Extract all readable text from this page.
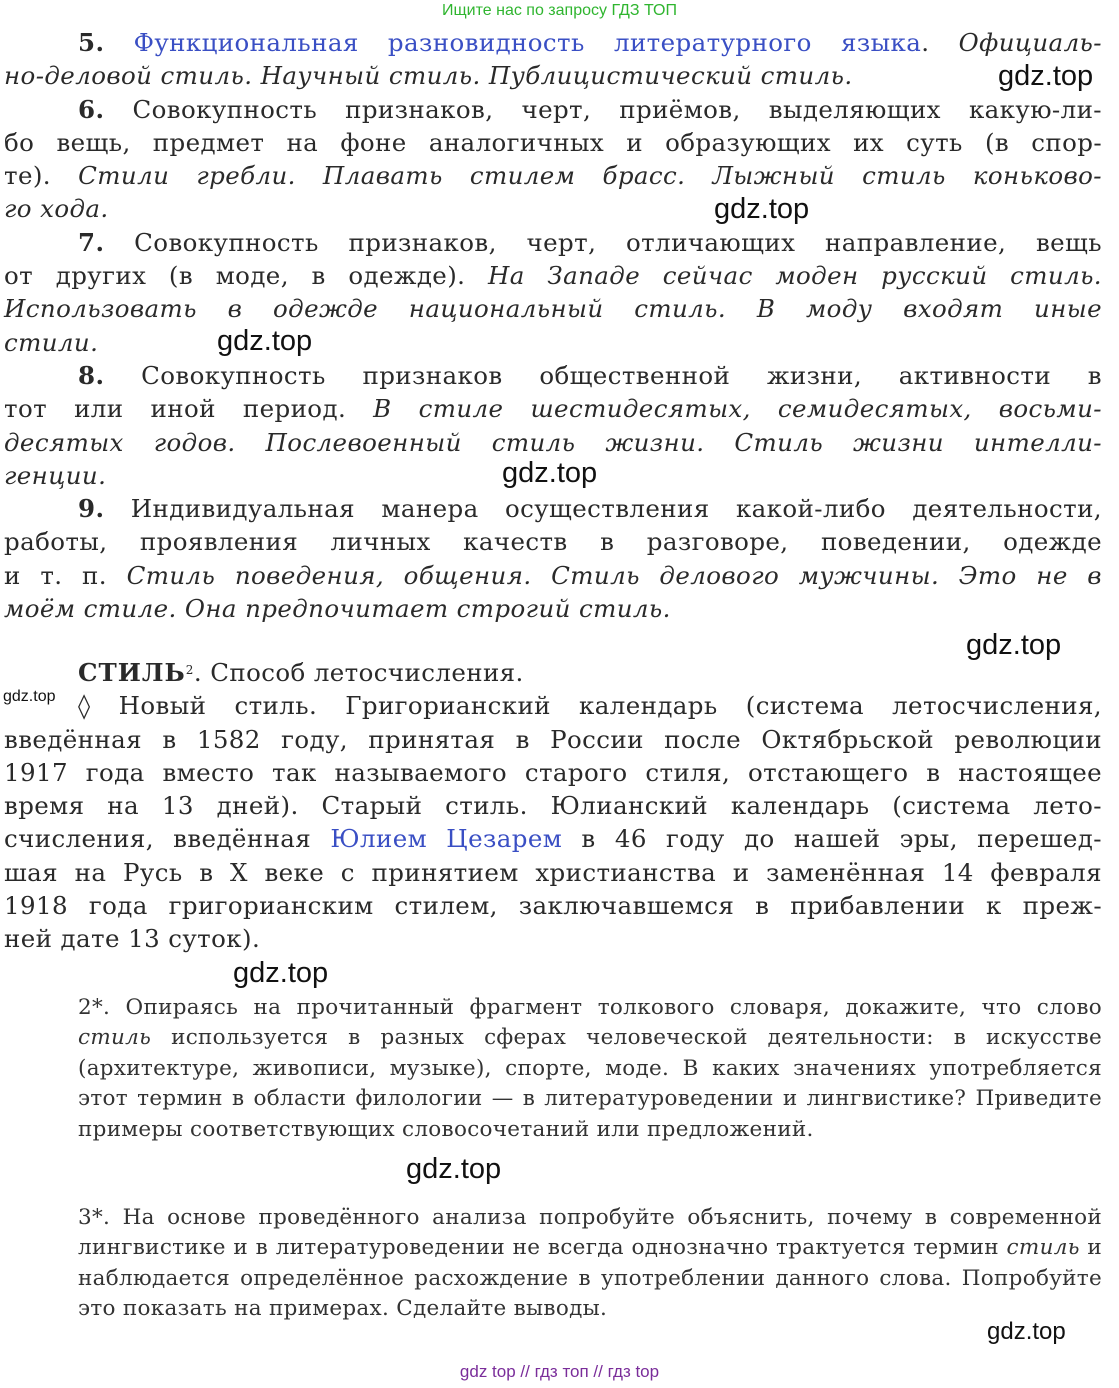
Ищите нас по запросу ГДЗ ТОП
5. Функциональная разновидность литературного языка. Официаль-
но-деловой стиль. Научный стиль. Публицистический стиль.
6. Совокупность признаков, черт, приёмов, выделяющих какую-ли-
бо вещь, предмет на фоне аналогичных и образующих их суть (в спор-
те). Стили гребли. Плавать стилем брасс. Лыжный стиль коньково-
го хода.
7. Совокупность признаков, черт, отличающих направление, вещь
от других (в моде, в одежде). На Западе сейчас моден русский стиль.
Использовать в одежде национальный стиль. В моду входят иные
стили.
8. Совокупность признаков общественной жизни, активности в
тот или иной период. В стиле шестидесятых, семидесятых, восьми-
десятых годов. Послевоенный стиль жизни. Стиль жизни интелли-
генции.
9. Индивидуальная манера осуществления какой-либо деятельности,
работы, проявления личных качеств в разговоре, поведении, одежде
и т. п. Стиль поведения, общения. Стиль делового мужчины. Это не в
моём стиле. Она предпочитает строгий стиль.
СТИЛЬ$^2$. Способ летосчисления.
◊ Новый стиль. Григорианский календарь (система летосчисления,
введённая в 1582 году, принятая в России после Октябрьской революции
1917 года вместо так называемого старого стиля, отстающего в настоящее
время на 13 дней). Старый стиль. Юлианский календарь (система лето-
счисления, введённая Юлием Цезарем в 46 году до нашей эры, перешед-
шая на Русь в X веке с принятием христианства и заменённая 14 февраля
1918 года григорианским стилем, заключавшемся в прибавлении к преж-
ней дате 13 суток).
2*. Опираясь на прочитанный фрагмент толкового словаря, докажите, что слово стиль используется в разных сферах человеческой деятельности: в искусстве (архитектуре, живописи, музыке), спорте, моде. В каких значениях употребляется этот термин в области филологии — в литературоведении и лингвистике? Приведите примеры соответствующих словосочетаний или предложений.
3*. На основе проведённого анализа попробуйте объяснить, почему в современной лингвистике и в литературоведении не всегда однозначно трактуется термин стиль и наблюдается определённое расхождение в употреблении данного слова. Попробуйте это показать на примерах. Сделайте выводы.
gdz.top
gdz.top
gdz.top
gdz.top
gdz.top
gdz.top
gdz.top
gdz.top
gdz.top
gdz top // гдз топ // гдз top
